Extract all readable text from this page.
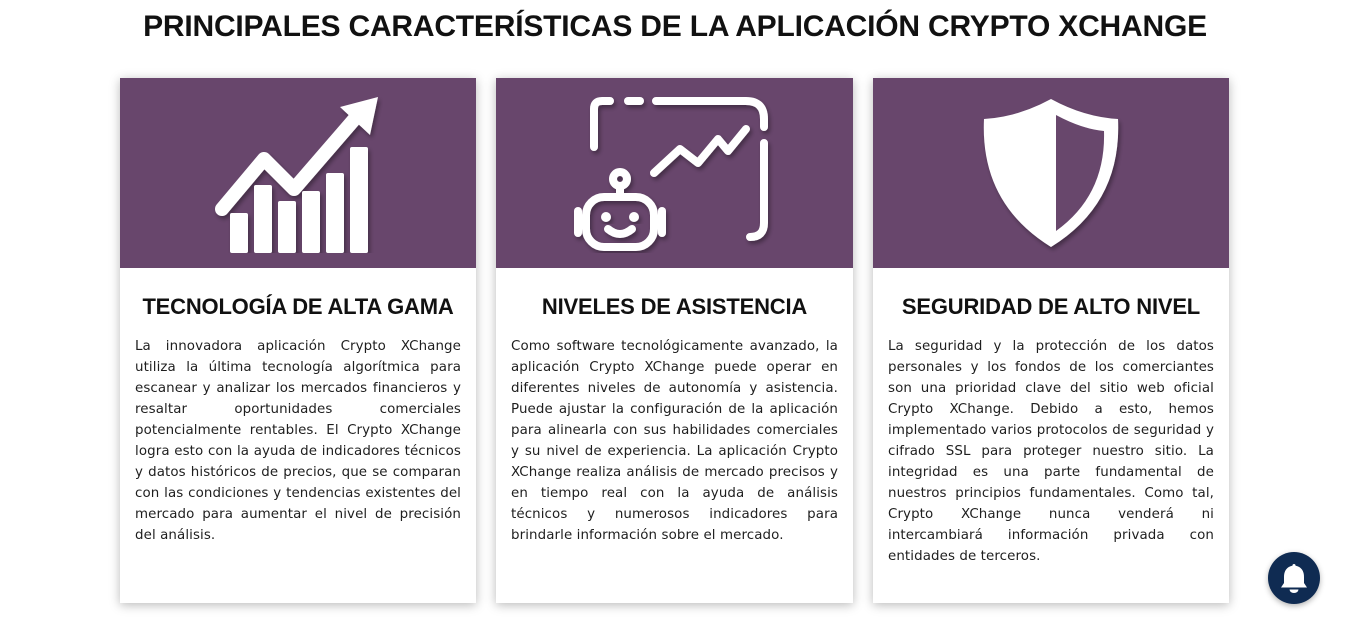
PRINCIPALES CARACTERÍSTICAS DE LA APLICACIÓN CRYPTO XCHANGE
TECNOLOGÍA DE ALTA GAMA

La innovadora aplicación Crypto XChange utiliza la última tecnología algorítmica para escanear y analizar los mercados financieros y resaltar oportunidades comerciales potencialmente rentables. El Crypto XChange logra esto con la ayuda de indicadores técnicos y datos históricos de precios, que se comparan con las condiciones y tendencias existentes del mercado para aumentar el nivel de precisión del análisis.

NIVELES DE ASISTENCIA

Como software tecnológicamente avanzado, la aplicación Crypto XChange puede operar en diferentes niveles de autonomía y asistencia. Puede ajustar la configuración de la aplicación para alinearla con sus habilidades comerciales y su nivel de experiencia. La aplicación Crypto XChange realiza análisis de mercado precisos y en tiempo real con la ayuda de análisis técnicos y numerosos indicadores para brindarle información sobre el mercado.

SEGURIDAD DE ALTO NIVEL

La seguridad y la protección de los datos personales y los fondos de los comerciantes son una prioridad clave del sitio web oficial Crypto XChange. Debido a esto, hemos implementado varios protocolos de seguridad y cifrado SSL para proteger nuestro sitio. La integridad es una parte fundamental de nuestros principios fundamentales. Como tal, Crypto XChange nunca venderá ni intercambiará información privada con entidades de terceros.
